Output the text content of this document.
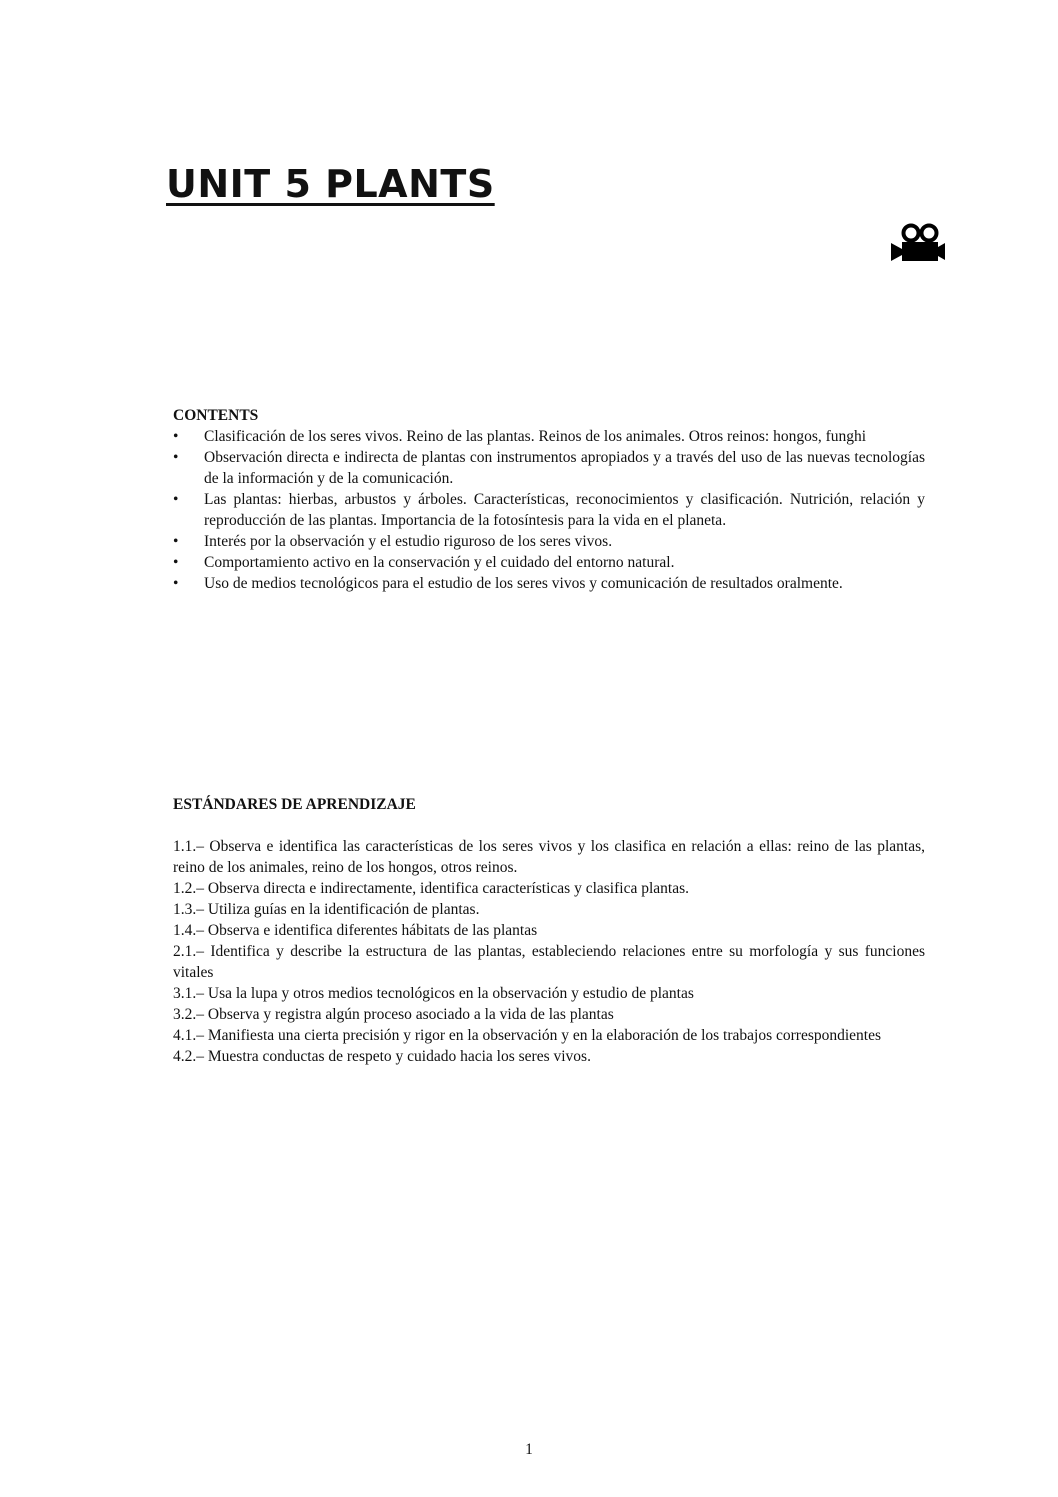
UNIT 5 PLANTS

CONTENTS

• Clasificación de los seres vivos. Reino de las plantas. Reinos de los animales. Otros reinos: hongos, funghi
• Observación directa e indirecta de plantas con instrumentos apropiados y a través del uso de las nuevas tecnologías de la información y de la comunicación.
• Las plantas: hierbas, arbustos y árboles. Características, reconocimientos y clasificación. Nutrición, relación y reproducción de las plantas. Importancia de la fotosíntesis para la vida en el planeta.
• Interés por la observación y el estudio riguroso de los seres vivos.
• Comportamiento activo en la conservación y el cuidado del entorno natural.
• Uso de medios tecnológicos para el estudio de los seres vivos y comunicación de resultados oralmente.

ESTÁNDARES DE APRENDIZAJE

1.1.– Observa e identifica las características de los seres vivos y los clasifica en relación a ellas: reino de las plantas, reino de los animales, reino de los hongos, otros reinos.

1.2.– Observa directa e indirectamente, identifica características y clasifica plantas.

1.3.– Utiliza guías en la identificación de plantas.

1.4.– Observa e identifica diferentes hábitats de las plantas

2.1.– Identifica y describe la estructura de las plantas, estableciendo relaciones entre su morfología y sus funciones vitales

3.1.– Usa la lupa y otros medios tecnológicos en la observación y estudio de plantas

3.2.– Observa y registra algún proceso asociado a la vida de las plantas

4.1.– Manifiesta una cierta precisión y rigor en la observación y en la elaboración de los trabajos correspondientes

4.2.– Muestra conductas de respeto y cuidado hacia los seres vivos.

1
